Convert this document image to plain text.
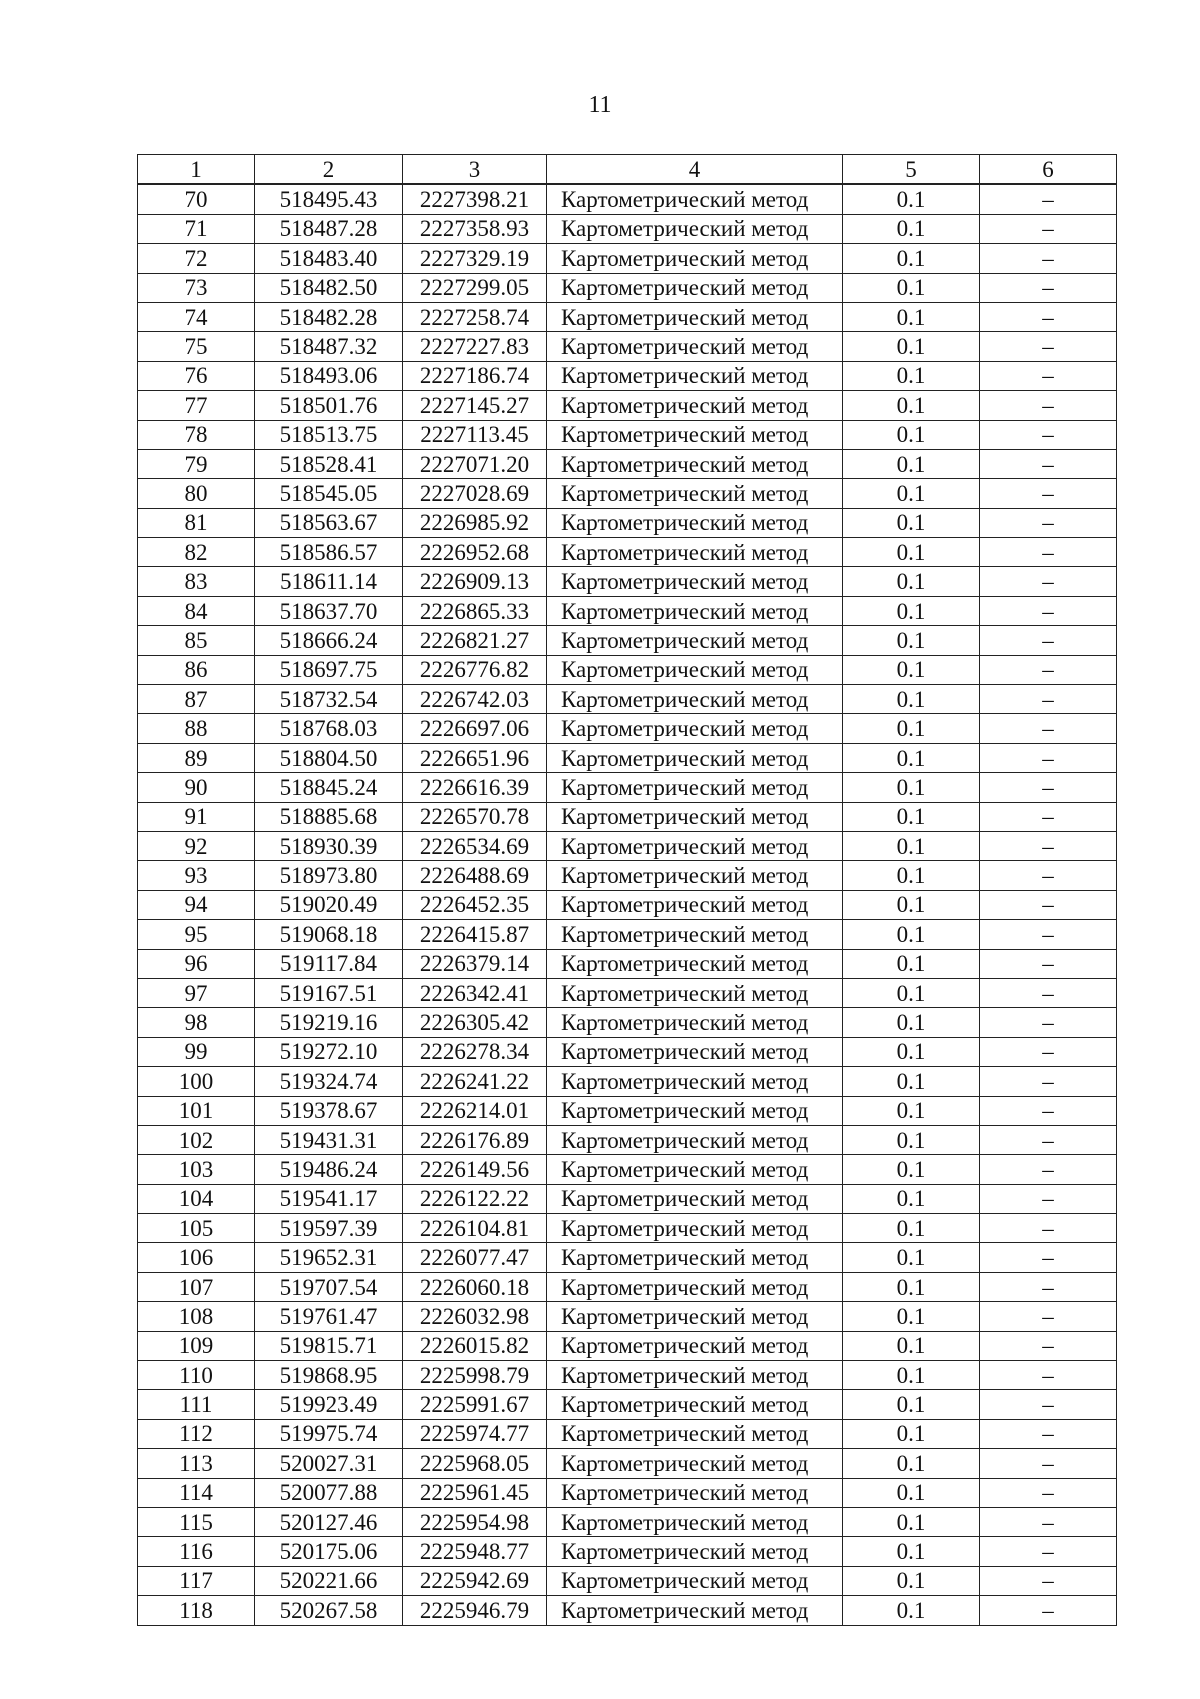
11
1	2	3	4	5	6
70	518495.43	2227398.21	Картометрический метод	0.1	–
71	518487.28	2227358.93	Картометрический метод	0.1	–
72	518483.40	2227329.19	Картометрический метод	0.1	–
73	518482.50	2227299.05	Картометрический метод	0.1	–
74	518482.28	2227258.74	Картометрический метод	0.1	–
75	518487.32	2227227.83	Картометрический метод	0.1	–
76	518493.06	2227186.74	Картометрический метод	0.1	–
77	518501.76	2227145.27	Картометрический метод	0.1	–
78	518513.75	2227113.45	Картометрический метод	0.1	–
79	518528.41	2227071.20	Картометрический метод	0.1	–
80	518545.05	2227028.69	Картометрический метод	0.1	–
81	518563.67	2226985.92	Картометрический метод	0.1	–
82	518586.57	2226952.68	Картометрический метод	0.1	–
83	518611.14	2226909.13	Картометрический метод	0.1	–
84	518637.70	2226865.33	Картометрический метод	0.1	–
85	518666.24	2226821.27	Картометрический метод	0.1	–
86	518697.75	2226776.82	Картометрический метод	0.1	–
87	518732.54	2226742.03	Картометрический метод	0.1	–
88	518768.03	2226697.06	Картометрический метод	0.1	–
89	518804.50	2226651.96	Картометрический метод	0.1	–
90	518845.24	2226616.39	Картометрический метод	0.1	–
91	518885.68	2226570.78	Картометрический метод	0.1	–
92	518930.39	2226534.69	Картометрический метод	0.1	–
93	518973.80	2226488.69	Картометрический метод	0.1	–
94	519020.49	2226452.35	Картометрический метод	0.1	–
95	519068.18	2226415.87	Картометрический метод	0.1	–
96	519117.84	2226379.14	Картометрический метод	0.1	–
97	519167.51	2226342.41	Картометрический метод	0.1	–
98	519219.16	2226305.42	Картометрический метод	0.1	–
99	519272.10	2226278.34	Картометрический метод	0.1	–
100	519324.74	2226241.22	Картометрический метод	0.1	–
101	519378.67	2226214.01	Картометрический метод	0.1	–
102	519431.31	2226176.89	Картометрический метод	0.1	–
103	519486.24	2226149.56	Картометрический метод	0.1	–
104	519541.17	2226122.22	Картометрический метод	0.1	–
105	519597.39	2226104.81	Картометрический метод	0.1	–
106	519652.31	2226077.47	Картометрический метод	0.1	–
107	519707.54	2226060.18	Картометрический метод	0.1	–
108	519761.47	2226032.98	Картометрический метод	0.1	–
109	519815.71	2226015.82	Картометрический метод	0.1	–
110	519868.95	2225998.79	Картометрический метод	0.1	–
111	519923.49	2225991.67	Картометрический метод	0.1	–
112	519975.74	2225974.77	Картометрический метод	0.1	–
113	520027.31	2225968.05	Картометрический метод	0.1	–
114	520077.88	2225961.45	Картометрический метод	0.1	–
115	520127.46	2225954.98	Картометрический метод	0.1	–
116	520175.06	2225948.77	Картометрический метод	0.1	–
117	520221.66	2225942.69	Картометрический метод	0.1	–
118	520267.58	2225946.79	Картометрический метод	0.1	–
